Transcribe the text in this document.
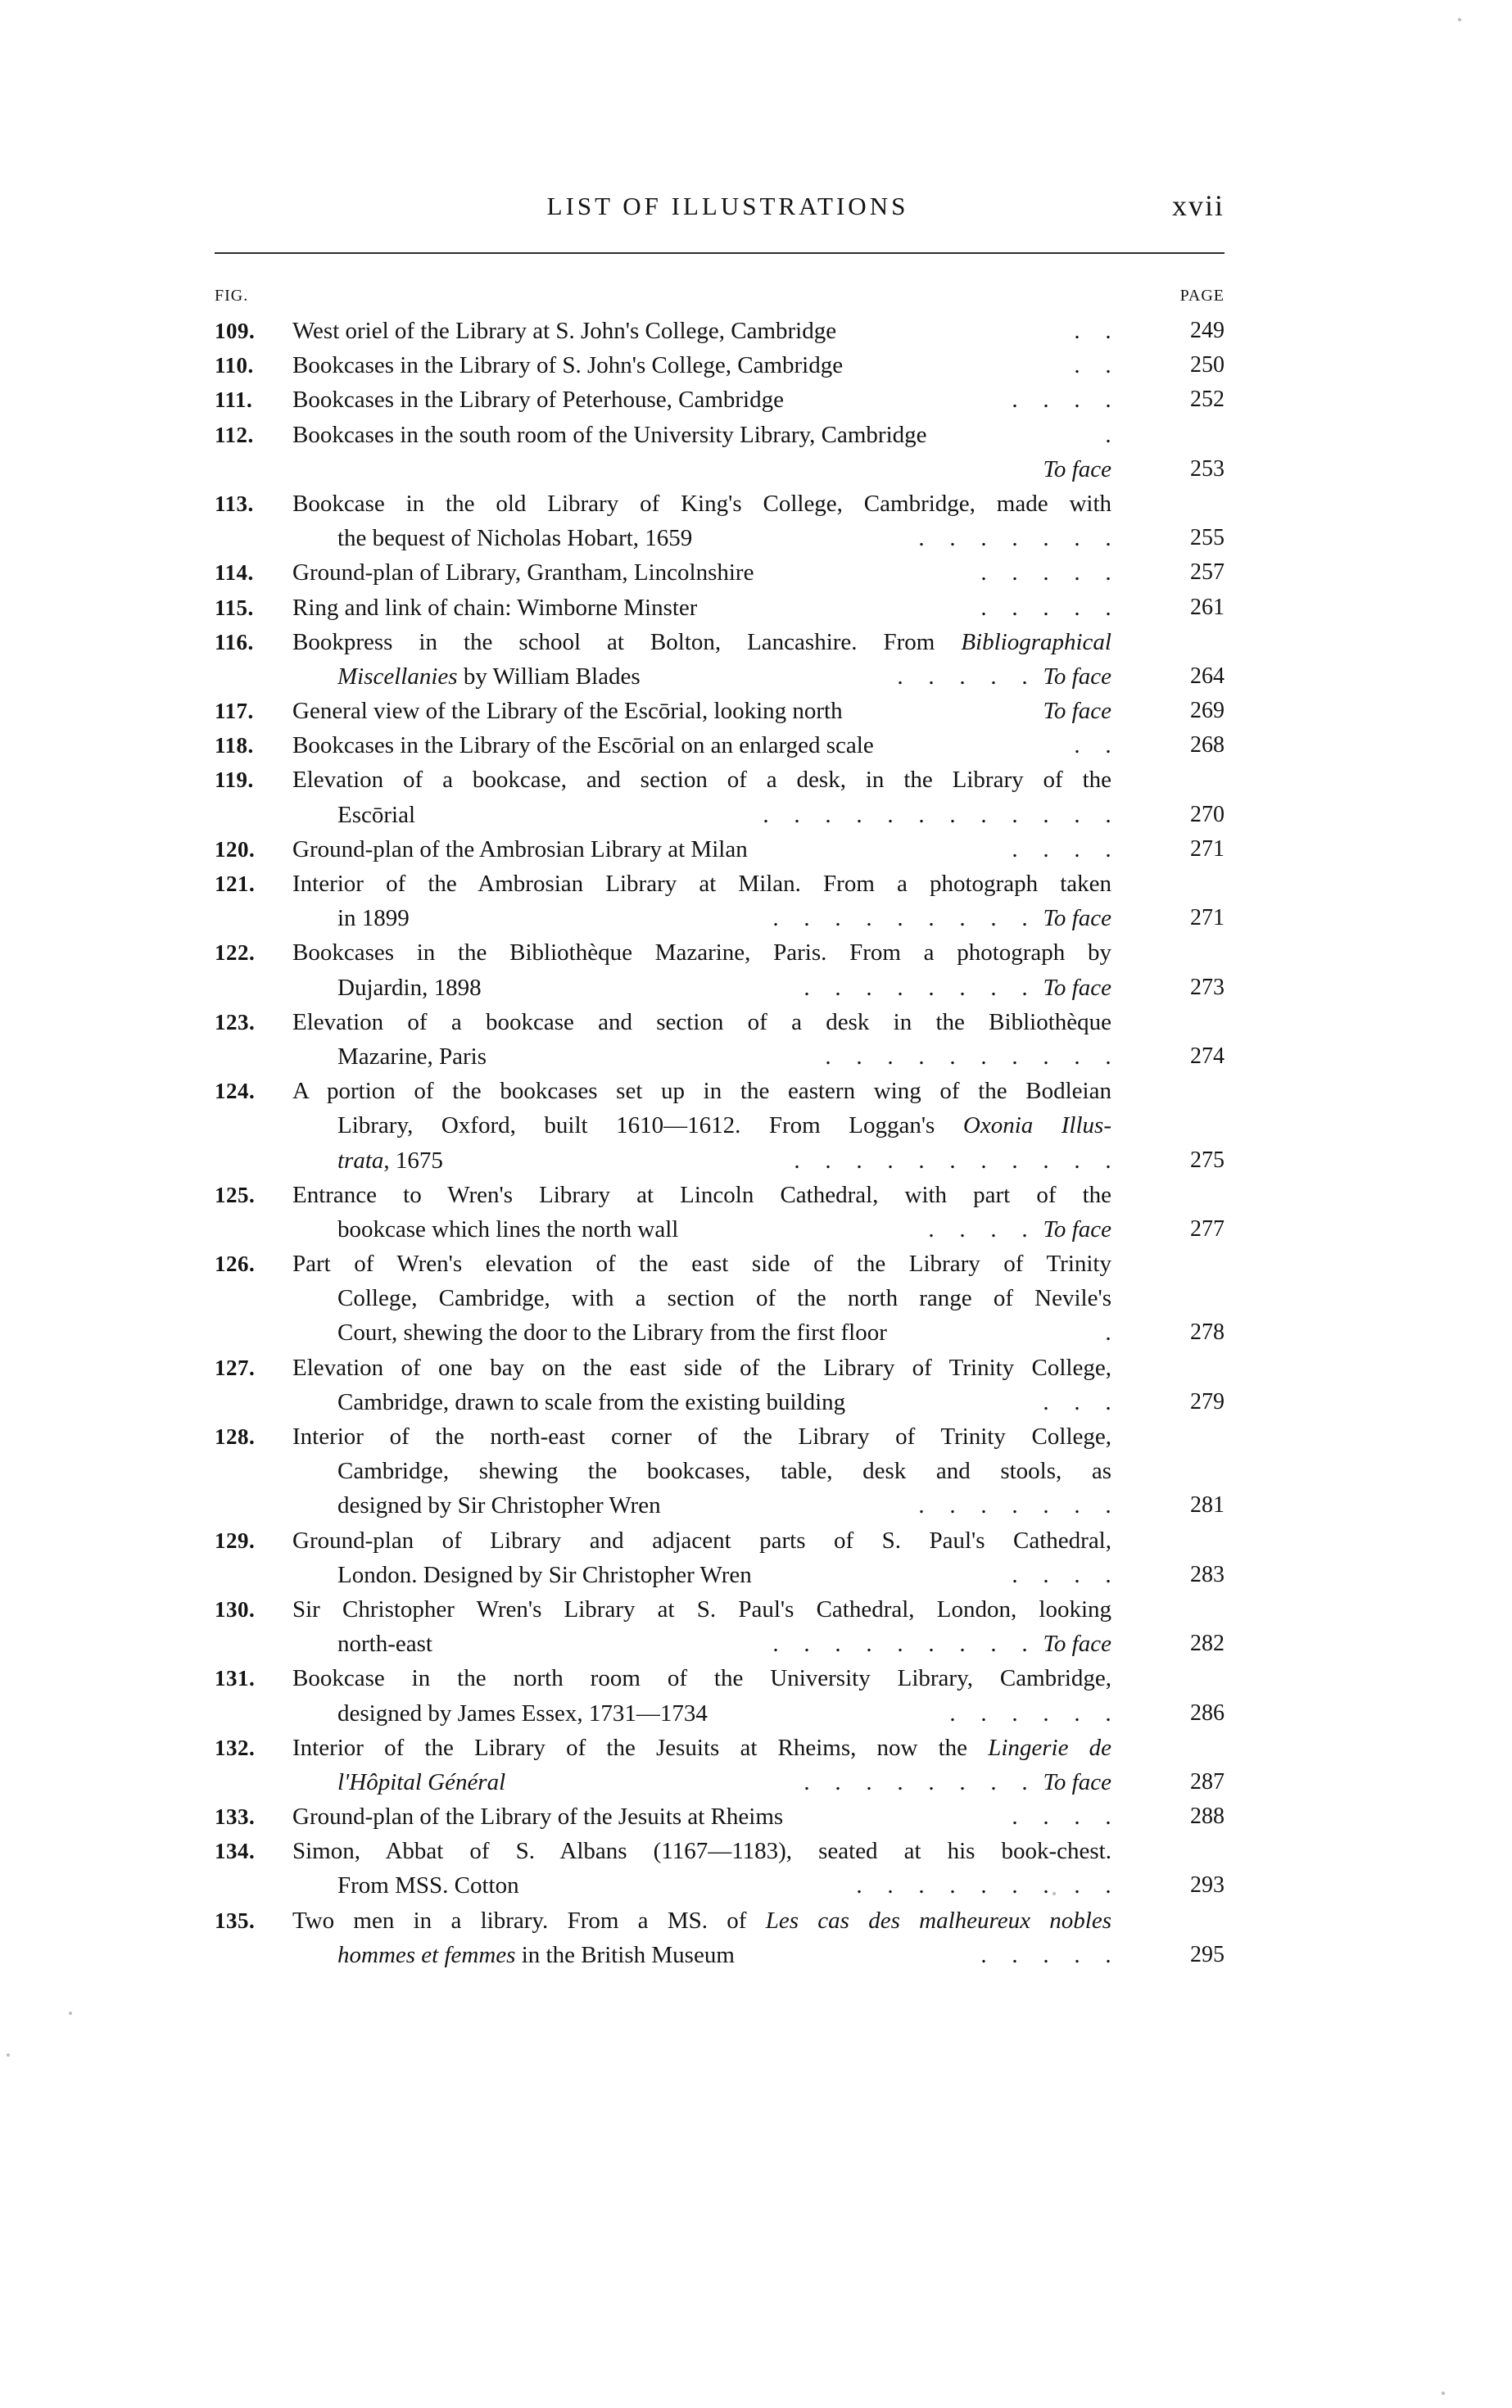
LIST OF ILLUSTRATIONS	xvii
FIG.	PAGE
109. West oriel of the Library at S. John's College, Cambridge	. .	249
110. Bookcases in the Library of S. John's College, Cambridge	. .	250
111. Bookcases in the Library of Peterhouse, Cambridge	. . . .	252
112. Bookcases in the south room of the University Library, Cambridge	.
To face	253
113. Bookcase in the old Library of King's College, Cambridge, made with
the bequest of Nicholas Hobart, 1659	. . . . . . .	255
114. Ground-plan of Library, Grantham, Lincolnshire	. . . . .	257
115. Ring and link of chain: Wimborne Minster	. . . . .	261
116. Bookpress in the school at Bolton, Lancashire. From Bibliographical
Miscellanies by William Blades	. . . . . To face	264
117. General view of the Library of the Escōrial, looking north	To face	269
118. Bookcases in the Library of the Escōrial on an enlarged scale	. .	268
119. Elevation of a bookcase, and section of a desk, in the Library of the
Escōrial	. . . . . . . . . . . .	270
120. Ground-plan of the Ambrosian Library at Milan	. . . .	271
121. Interior of the Ambrosian Library at Milan. From a photograph taken
in 1899	. . . . . . . . . To face	271
122. Bookcases in the Bibliothèque Mazarine, Paris. From a photograph by
Dujardin, 1898	. . . . . . . . To face	273
123. Elevation of a bookcase and section of a desk in the Bibliothèque
Mazarine, Paris	. . . . . . . . . .	274
124. A portion of the bookcases set up in the eastern wing of the Bodleian
Library, Oxford, built 1610—1612. From Loggan's Oxonia Illus-
trata, 1675	. . . . . . . . . . .	275
125. Entrance to Wren's Library at Lincoln Cathedral, with part of the
bookcase which lines the north wall	. . . . To face	277
126. Part of Wren's elevation of the east side of the Library of Trinity
College, Cambridge, with a section of the north range of Nevile's
Court, shewing the door to the Library from the first floor	.	278
127. Elevation of one bay on the east side of the Library of Trinity College,
Cambridge, drawn to scale from the existing building	. . .	279
128. Interior of the north-east corner of the Library of Trinity College,
Cambridge, shewing the bookcases, table, desk and stools, as
designed by Sir Christopher Wren	. . . . . . .	281
129. Ground-plan of Library and adjacent parts of S. Paul's Cathedral,
London. Designed by Sir Christopher Wren	. . . .	283
130. Sir Christopher Wren's Library at S. Paul's Cathedral, London, looking
north-east	. . . . . . . . . To face	282
131. Bookcase in the north room of the University Library, Cambridge,
designed by James Essex, 1731—1734	. . . . . .	286
132. Interior of the Library of the Jesuits at Rheims, now the Lingerie de
l'Hôpital Général	. . . . . . . . To face	287
133. Ground-plan of the Library of the Jesuits at Rheims	. . . .	288
134. Simon, Abbat of S. Albans (1167—1183), seated at his book-chest.
From MSS. Cotton	. . . . . . . . .	293
135. Two men in a library. From a MS. of Les cas des malheureux nobles
hommes et femmes in the British Museum	. . . . .	295
